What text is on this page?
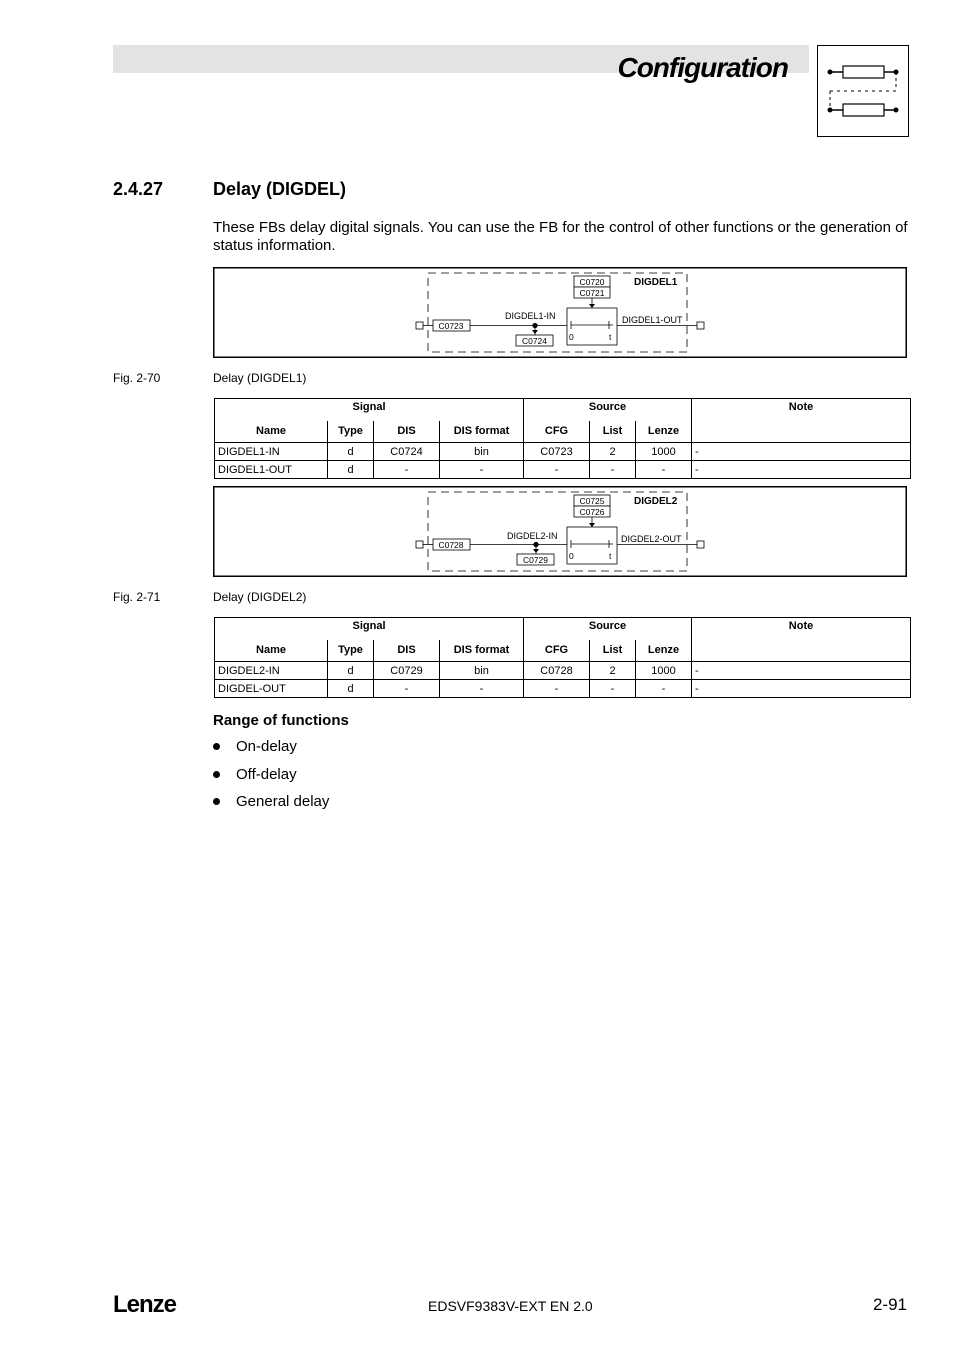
Configuration
2.4.27	Delay (DIGDEL)

These FBs delay digital signals. You can use the FB for the control of other functions or the generation of status information.

DIGDEL1
C0720
C0721
0	t
C0723
DIGDEL1-IN
C0724
DIGDEL1-OUT
Fig. 2-70	Delay (DIGDEL1)
Signal				Source			Note
Name	Type	DIS	DIS format	CFG	List	Lenze	
DIGDEL1-IN	d	C0724	bin	C0723	2	1000	-
DIGDEL1-OUT	d	-	-	-	-	-	-
DIGDEL2
C0725
C0726
0	t
C0728
DIGDEL2-IN
C0729
DIGDEL2-OUT
Fig. 2-71	Delay (DIGDEL2)
Signal				Source			Note
Name	Type	DIS	DIS format	CFG	List	Lenze	
DIGDEL2-IN	d	C0729	bin	C0728	2	1000	-
DIGDEL-OUT	d	-	-	-	-	-	-
Range of functions
On-delay
Off-delay
General delay
Lenze	EDSVF9383V-EXT EN 2.0	2-91
